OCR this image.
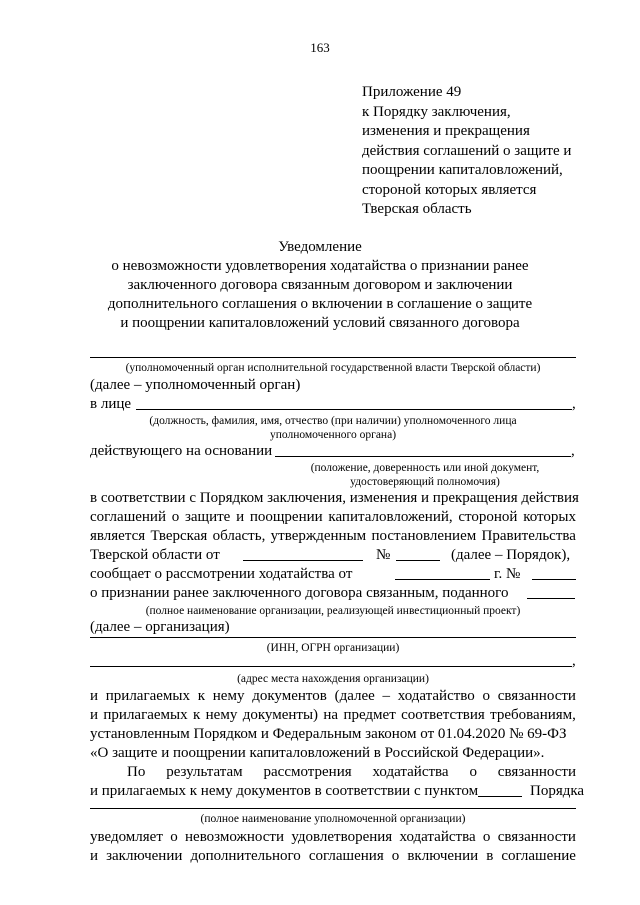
163
Приложение 49
к Порядку заключения,
изменения и прекращения
действия соглашений о защите и
поощрении капиталовложений,
стороной которых является
Тверская область
Уведомление
о невозможности удовлетворения ходатайства о признании ранее
заключенного договора связанным договором и заключении
дополнительного соглашения о включении в соглашение о защите
и поощрении капиталовложений условий связанного договора
(уполномоченный орган исполнительной государственной власти Тверской области)
(далее – уполномоченный орган)
в лице	,
(должность, фамилия, имя, отчество (при наличии) уполномоченного лица
уполномоченного органа)
действующего на основании	,
(положение, доверенность или иной документ,
удостоверяющий полномочия)
в соответствии с Порядком заключения, изменения и прекращения действия
соглашений о защите и поощрении капиталовложений, стороной которых
является Тверская область, утвержденным постановлением Правительства
Тверской области от	№	(далее – Порядок),
сообщает о рассмотрении ходатайства от	г. №
о признании ранее заключенного договора связанным, поданного
(полное наименование организации, реализующей инвестиционный проект)
(далее – организация)
(ИНН, ОГРН организации)
,
(адрес места нахождения организации)
и прилагаемых к нему документов (далее – ходатайство о связанности
и прилагаемых к нему документы) на предмет соответствия требованиям,
установленным Порядком и Федеральным законом от 01.04.2020 № 69-ФЗ
«О защите и поощрении капиталовложений в Российской Федерации».
По результатам рассмотрения ходатайства о связанности
и прилагаемых к нему документов в соответствии с пунктом	Порядка
(полное наименование уполномоченной организации)
уведомляет о невозможности удовлетворения ходатайства о связанности
и заключении дополнительного соглашения о включении в соглашение
